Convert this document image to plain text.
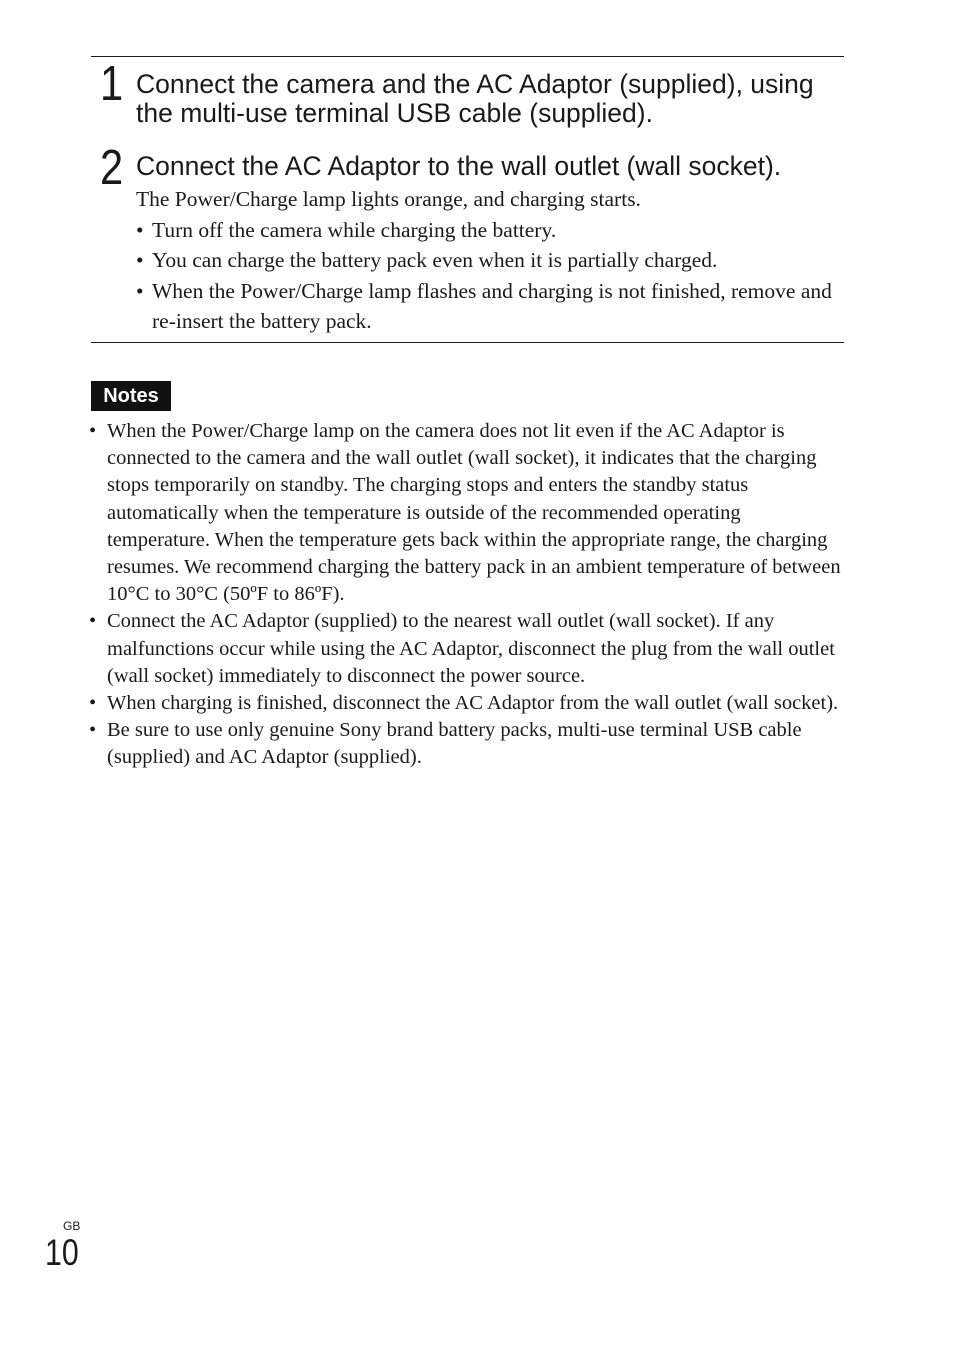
1 Connect the camera and the AC Adaptor (supplied), using the multi-use terminal USB cable (supplied).
2 Connect the AC Adaptor to the wall outlet (wall socket).

The Power/Charge lamp lights orange, and charging starts.

• Turn off the camera while charging the battery.
• You can charge the battery pack even when it is partially charged.
• When the Power/Charge lamp flashes and charging is not finished, remove and re-insert the battery pack.
Notes
• When the Power/Charge lamp on the camera does not lit even if the AC Adaptor is connected to the camera and the wall outlet (wall socket), it indicates that the charging stops temporarily on standby. The charging stops and enters the standby status automatically when the temperature is outside of the recommended operating temperature. When the temperature gets back within the appropriate range, the charging resumes. We recommend charging the battery pack in an ambient temperature of between 10°C to 30°C (50ºF to 86ºF).
• Connect the AC Adaptor (supplied) to the nearest wall outlet (wall socket). If any malfunctions occur while using the AC Adaptor, disconnect the plug from the wall outlet (wall socket) immediately to disconnect the power source.
• When charging is finished, disconnect the AC Adaptor from the wall outlet (wall socket).
• Be sure to use only genuine Sony brand battery packs, multi-use terminal USB cable (supplied) and AC Adaptor (supplied).
GB
10
